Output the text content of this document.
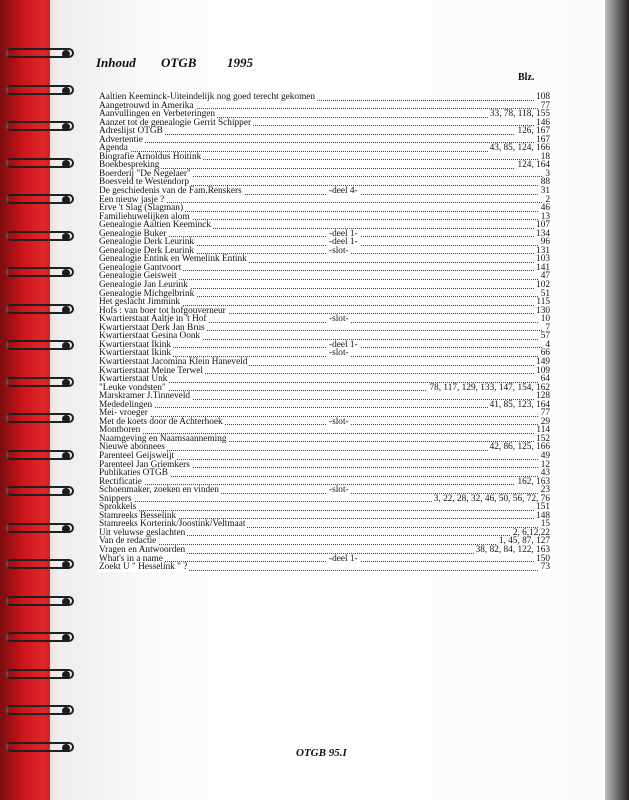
Inhoud OTGB 1995
Blz.
Aaltien Keeminck-Uiteindelijk nog goed terecht gekomen	108
Aangetrouwd in Amerika	77
Aanvullingen en Verbeteringen	33, 78, 118, 155
Aanzet tot de genealogie Gerrit Schipper	146
Adreslijst OTGB	126, 167
Advertentie	167
Agenda	43, 85, 124, 166
Biografie Arnoldus Hoitink	18
Boekbespreking	124, 164
Boerderij "De Negelaer"	3
Boesveld te Westendorp	88
De geschiedenis van de Fam.Renskers	-deel 4-	31
Een nieuw jasje ?	2
Erve 't Slag (Slagman)	46
Familiehuwelijken alom	13
Genealogie Aaltien Keeminck	107
Genealogie Buker	-deel 1-	134
Genealogie Derk Leurink	-deel 1-	96
Genealogie Derk Leurink	-slot-	131
Genealogie Entink en Wemelink Entink	103
Genealogie Gantvoort	141
Genealogie Geisweit	47
Genealogie Jan Leurink	102
Genealogie Michgelbrink	51
Het geslacht Jimmink	115
Hofs : van boer tot hofgouverneur	130
Kwartierstaat Aaltje in 't Hof	-slot-	10
Kwartierstaat Derk Jan Brus	7
Kwartierstaat Gesina Oonk	57
Kwartierstaat Ikink	-deel 1-	4
Kwartierstaat Ikink	-slot-	66
Kwartierstaat Jacomina Klein Haneveld	149
Kwartierstaat Meine Terwel	109
Kwartierstaat Unk	64
"Leuke vondsten"	78, 117, 129, 133, 147, 154, 162
Marskramer J.Tinneveld	128
Mededelingen	41, 85, 123, 164
Mei- vroeger	77
Met de koets door de Achterhoek	-slot-	29
Montboren	114
Naamgeving en Naamsaanneming	152
Nieuwe abonnees	42, 86, 125, 166
Parenteel Geijsweijt	49
Parenteel Jan Griemkers	12
Publikaties OTGB	43
Rectificatie	162, 163
Schoenmaker, zoeken en vinden	-slot-	23
Snippers	3, 22, 28, 32, 46, 50, 56, 72, 76
Sprokkels	151
Stamreeks Besselink	148
Stamreeks Korterink/Joostink/Veltmaat	15
Uit veluwse geslachten	2, 6,12,22
Van de redactie	1, 45, 87, 127
Vragen en Antwoorden	38, 82, 84, 122, 163
What's in a name	-deel 1-	150
Zoekt U " Hesselink " ?	73
OTGB 95.I
